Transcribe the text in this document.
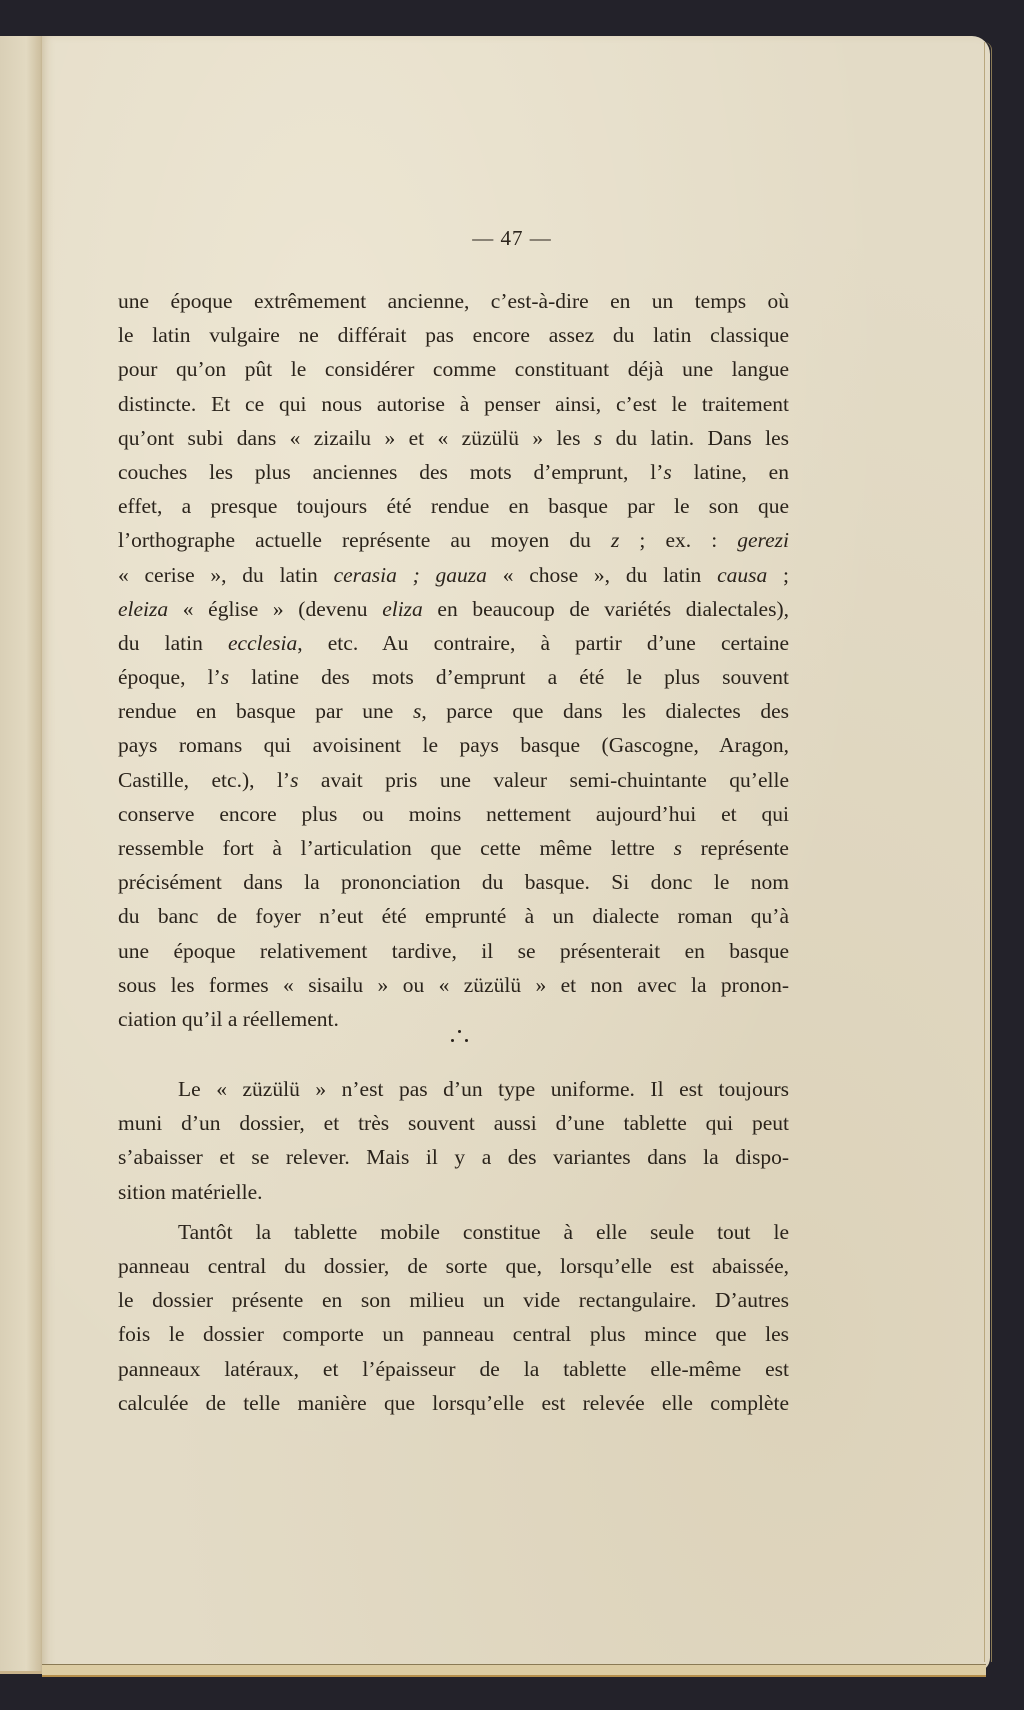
— 47 —
une époque extrêmement ancienne, c’est-à-dire en un temps où
le latin vulgaire ne différait pas encore assez du latin classique
pour qu’on pût le considérer comme constituant déjà une langue
distincte. Et ce qui nous autorise à penser ainsi, c’est le traitement
qu’ont subi dans « zizailu » et « züzülü » les s du latin. Dans les
couches les plus anciennes des mots d’emprunt, l’s latine, en
effet, a presque toujours été rendue en basque par le son que
l’orthographe actuelle représente au moyen du z ; ex. : gerezi
« cerise », du latin cerasia ; gauza « chose », du latin causa ;
eleiza « église » (devenu eliza en beaucoup de variétés dialectales),
du latin ecclesia, etc. Au contraire, à partir d’une certaine
époque, l’s latine des mots d’emprunt a été le plus souvent
rendue en basque par une s, parce que dans les dialectes des
pays romans qui avoisinent le pays basque (Gascogne, Aragon,
Castille, etc.), l’s avait pris une valeur semi-chuintante qu’elle
conserve encore plus ou moins nettement aujourd’hui et qui
ressemble fort à l’articulation que cette même lettre s représente
précisément dans la prononciation du basque. Si donc le nom
du banc de foyer n’eut été emprunté à un dialecte roman qu’à
une époque relativement tardive, il se présenterait en basque
sous les formes « sisailu » ou « züzülü » et non avec la pronon-
ciation qu’il a réellement.
Le « züzülü » n’est pas d’un type uniforme. Il est toujours
muni d’un dossier, et très souvent aussi d’une tablette qui peut
s’abaisser et se relever. Mais il y a des variantes dans la dispo-
sition matérielle.
Tantôt la tablette mobile constitue à elle seule tout le
panneau central du dossier, de sorte que, lorsqu’elle est abaissée,
le dossier présente en son milieu un vide rectangulaire. D’autres
fois le dossier comporte un panneau central plus mince que les
panneaux latéraux, et l’épaisseur de la tablette elle-même est
calculée de telle manière que lorsqu’elle est relevée elle complète
